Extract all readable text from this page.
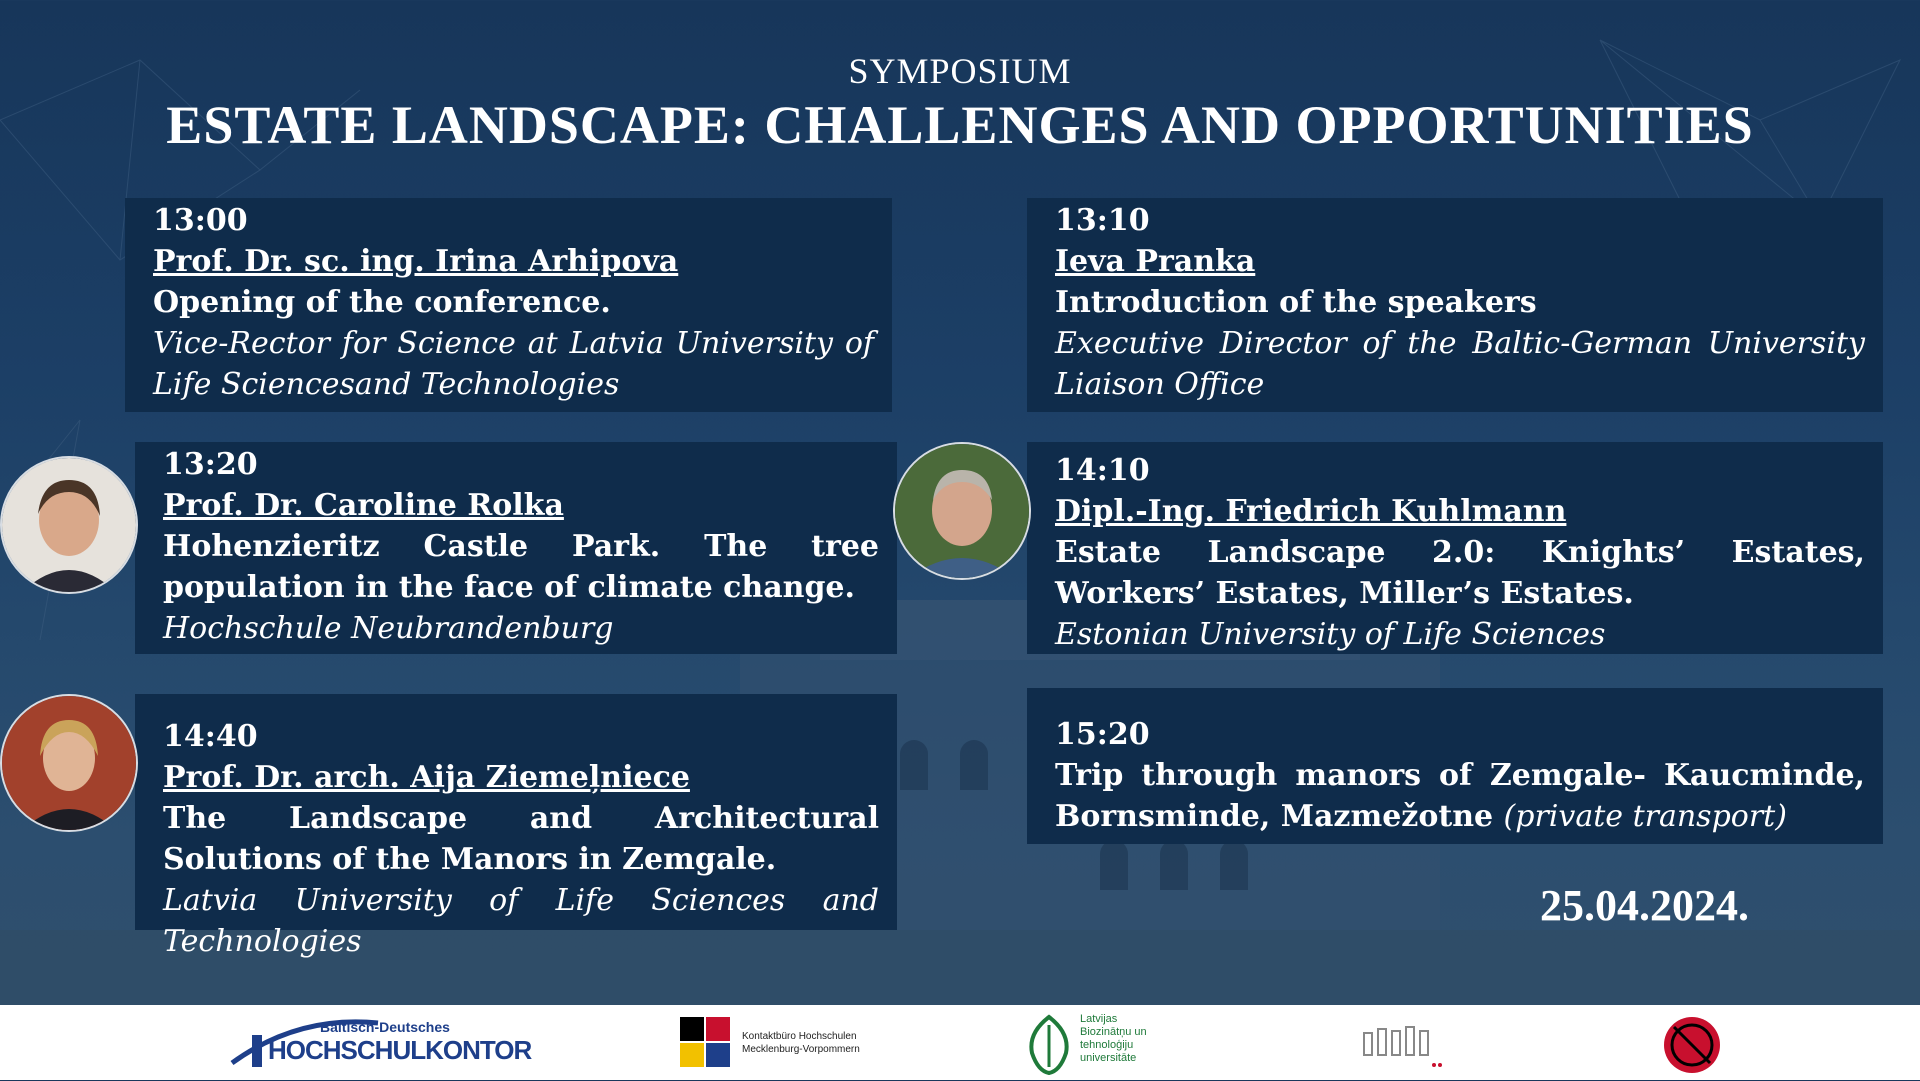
SYMPOSIUM
ESTATE LANDSCAPE: CHALLENGES AND OPPORTUNITIES
13:00
Prof. Dr. sc. ing. Irina Arhipova
Opening of the conference.
Vice-Rector for Science at Latvia University of Life Sciencesand Technologies
13:10
Ieva Pranka
Introduction of the speakers
Executive Director of the Baltic-German University Liaison Office
13:20
Prof. Dr. Caroline Rolka
Hohenzieritz Castle Park. The tree population in the face of climate change.
Hochschule Neubrandenburg
14:10
Dipl.-Ing. Friedrich Kuhlmann
Estate Landscape 2.0: Knights’ Estates, Workers’ Estates, Miller’s Estates.
Estonian University of Life Sciences
14:40
Prof. Dr. arch. Aija Ziemeļniece
The Landscape and Architectural Solutions of the Manors in Zemgale.
Latvia University of Life Sciences and Technologies
15:20
Trip through manors of Zemgale- Kaucminde, Bornsminde, Mazmežotne (private transport)
25.04.2024.
Baltisch-Deutsches
HOCHSCHULKONTOR	Kontaktbüro Hochschulen
Mecklenburg-Vorpommern
Latvijas
Biozinātņu un
tehnoloģiju
universitāte
